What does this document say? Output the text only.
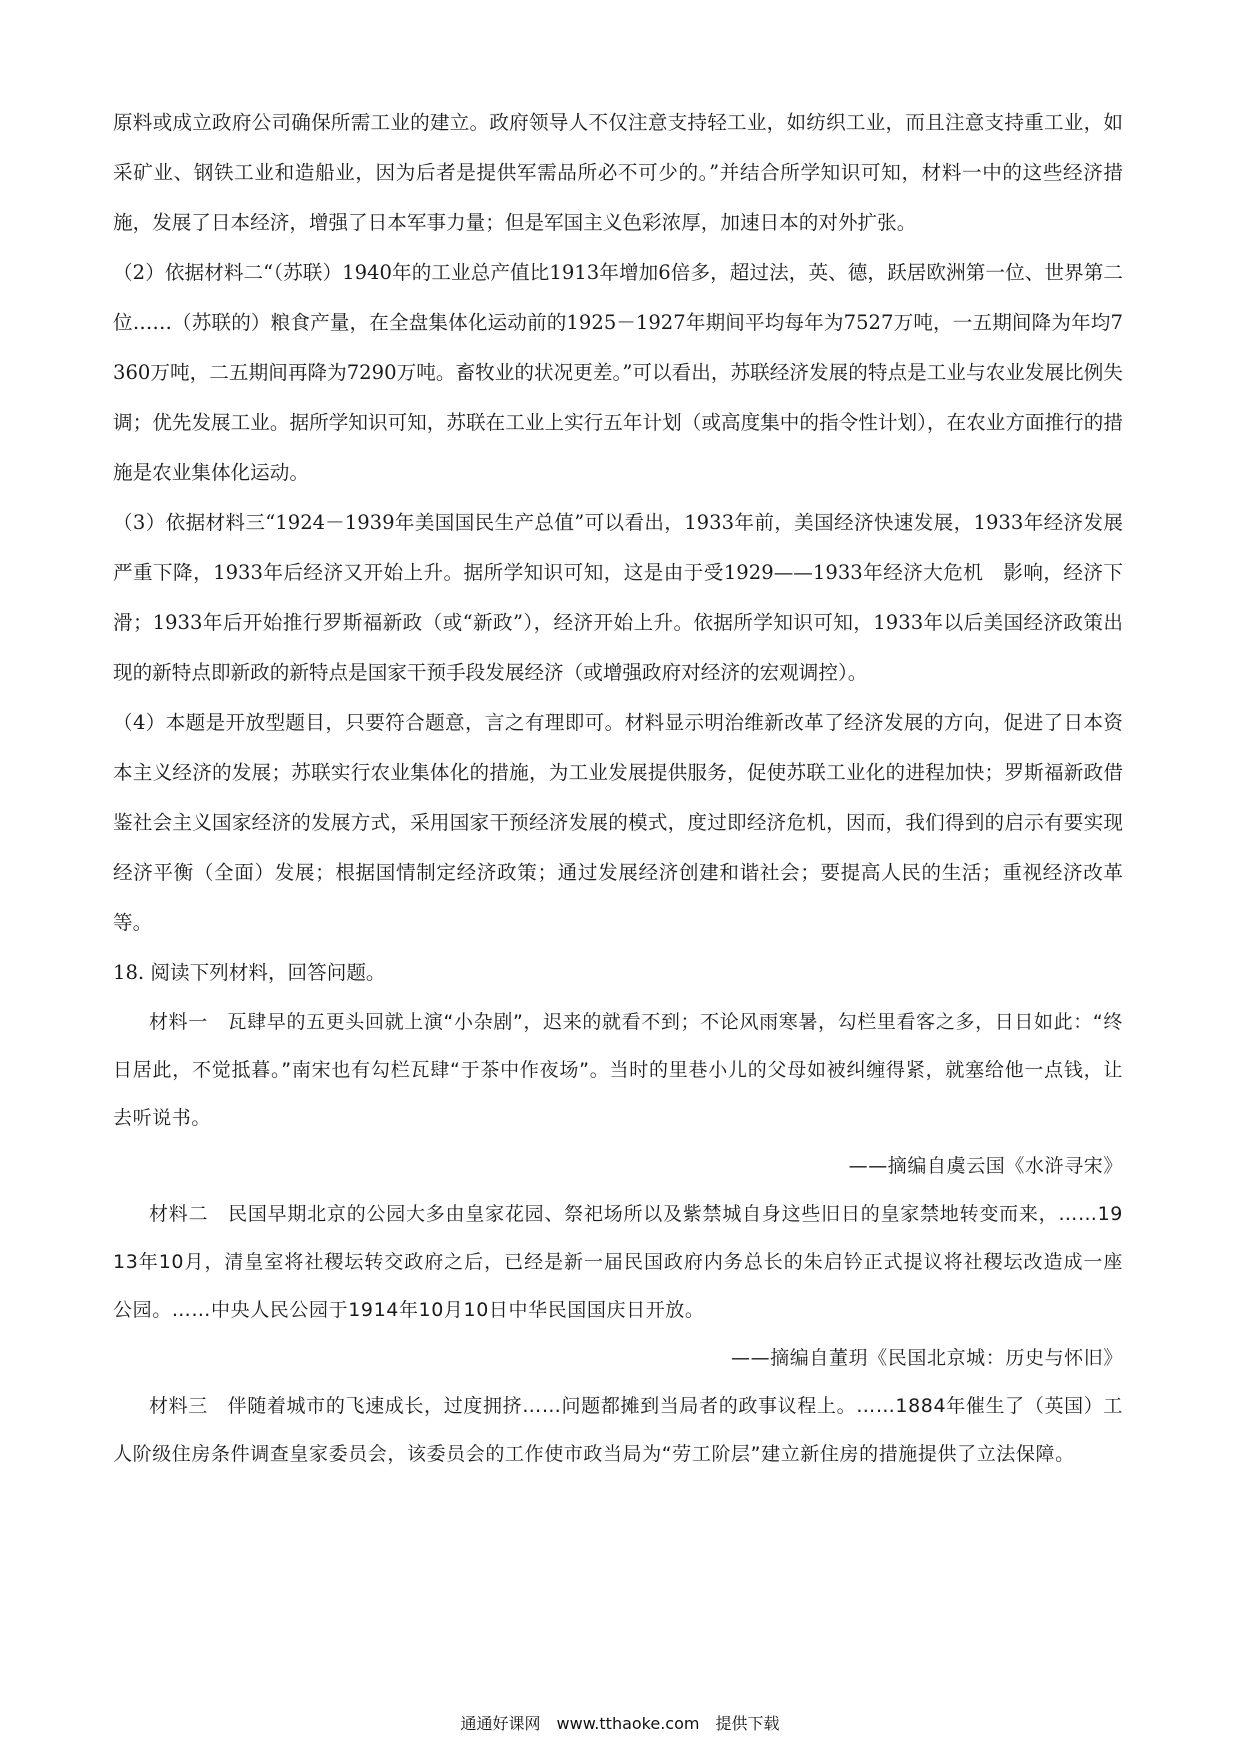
原料或成立政府公司确保所需工业的建立。政府领导人不仅注意支持轻工业，如纺织工业，而且注意支持重工业，如采矿业、钢铁工业和造船业，因为后者是提供军需品所必不可少的。”并结合所学知识可知，材料一中的这些经济措施，发展了日本经济，增强了日本军事力量；但是军国主义色彩浓厚，加速日本的对外扩张。

（2）依据材料二“（苏联）1940年的工业总产值比1913年增加6倍多，超过法，英、德，跃居欧洲第一位、世界第二位……（苏联的）粮食产量，在全盘集体化运动前的1925－1927年期间平均每年为7527万吨，一五期间降为年均7360万吨，二五期间再降为7290万吨。畜牧业的状况更差。”可以看出，苏联经济发展的特点是工业与农业发展比例失调；优先发展工业。据所学知识可知，苏联在工业上实行五年计划（或高度集中的指令性计划），在农业方面推行的措施是农业集体化运动。

（3）依据材料三“1924－1939年美国国民生产总值”可以看出，1933年前，美国经济快速发展，1933年经济发展严重下降，1933年后经济又开始上升。据所学知识可知，这是由于受1929——1933年经济大危机　影响，经济下滑；1933年后开始推行罗斯福新政（或“新政”），经济开始上升。依据所学知识可知，1933年以后美国经济政策出现的新特点即新政的新特点是国家干预手段发展经济（或增强政府对经济的宏观调控）。

（4）本题是开放型题目，只要符合题意，言之有理即可。材料显示明治维新改革了经济发展的方向，促进了日本资本主义经济的发展；苏联实行农业集体化的措施，为工业发展提供服务，促使苏联工业化的进程加快；罗斯福新政借鉴社会主义国家经济的发展方式，采用国家干预经济发展的模式，度过即经济危机，因而，我们得到的启示有要实现经济平衡（全面）发展；根据国情制定经济政策；通过发展经济创建和谐社会；要提高人民的生活；重视经济改革等。

18. 阅读下列材料，回答问题。

材料一　瓦肆早的五更头回就上演“小杂剧”，迟来的就看不到；不论风雨寒暑，勾栏里看客之多，日日如此：“终日居此，不觉抵暮。”南宋也有勾栏瓦肆“于茶中作夜场”。当时的里巷小儿的父母如被纠缠得紧，就塞给他一点钱，让去听说书。

——摘编自虞云国《水浒寻宋》

材料二　民国早期北京的公园大多由皇家花园、祭祀场所以及紫禁城自身这些旧日的皇家禁地转变而来，……1913年10月，清皇室将社稷坛转交政府之后，已经是新一届民国政府内务总长的朱启钤正式提议将社稷坛改造成一座公园。……中央人民公园于1914年10月10日中华民国国庆日开放。

——摘编自董玥《民国北京城：历史与怀旧》

材料三　伴随着城市的飞速成长，过度拥挤……问题都摊到当局者的政事议程上。……1884年催生了（英国）工人阶级住房条件调查皇家委员会，该委员会的工作使市政当局为“劳工阶层”建立新住房的措施提供了立法保障。

通通好课网　www.tthaoke.com　提供下载
